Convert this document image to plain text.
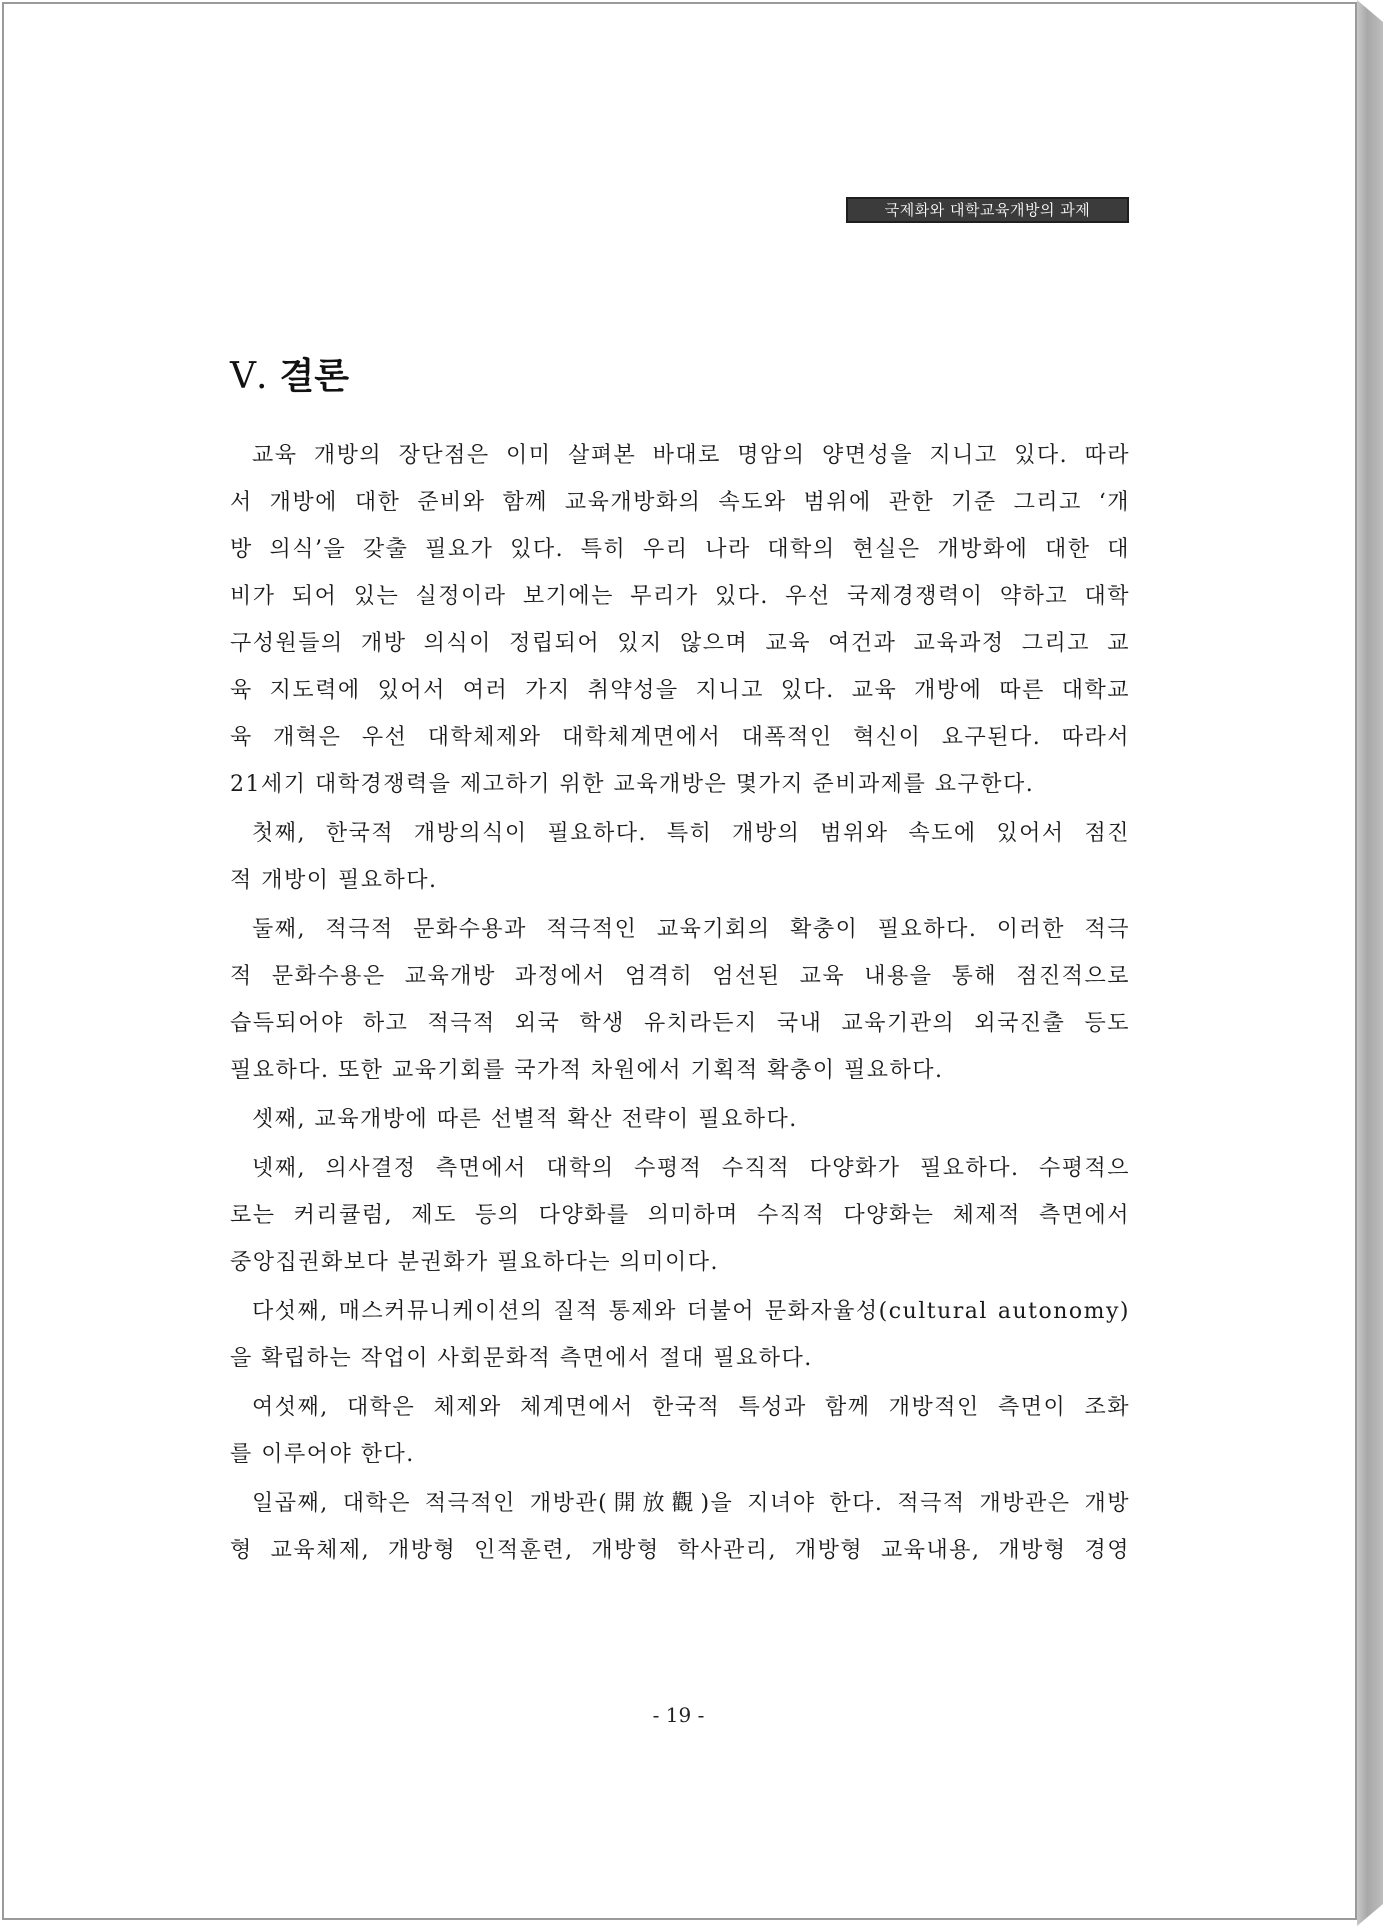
국제화와 대학교육개방의 과제
Ⅴ. 결론
교육 개방의 장단점은 이미 살펴본 바대로 명암의 양면성을 지니고 있다. 따라
서 개방에 대한 준비와 함께 교육개방화의 속도와 범위에 관한 기준 그리고 ‘개
방 의식’을 갖출 필요가 있다. 특히 우리 나라 대학의 현실은 개방화에 대한 대
비가 되어 있는 실정이라 보기에는 무리가 있다. 우선 국제경쟁력이 약하고 대학
구성원들의 개방 의식이 정립되어 있지 않으며 교육 여건과 교육과정 그리고 교
육 지도력에 있어서 여러 가지 취약성을 지니고 있다. 교육 개방에 따른 대학교
육 개혁은 우선 대학체제와 대학체계면에서 대폭적인 혁신이 요구된다. 따라서
21세기 대학경쟁력을 제고하기 위한 교육개방은 몇가지 준비과제를 요구한다.
첫째, 한국적 개방의식이 필요하다. 특히 개방의 범위와 속도에 있어서 점진
적 개방이 필요하다.
둘째, 적극적 문화수용과 적극적인 교육기회의 확충이 필요하다. 이러한 적극
적 문화수용은 교육개방 과정에서 엄격히 엄선된 교육 내용을 통해 점진적으로
습득되어야 하고 적극적 외국 학생 유치라든지 국내 교육기관의 외국진출 등도
필요하다. 또한 교육기회를 국가적 차원에서 기획적 확충이 필요하다.
셋째, 교육개방에 따른 선별적 확산 전략이 필요하다.
넷째, 의사결정 측면에서 대학의 수평적 수직적 다양화가 필요하다. 수평적으
로는 커리큘럼, 제도 등의 다양화를 의미하며 수직적 다양화는 체제적 측면에서
중앙집권화보다 분권화가 필요하다는 의미이다.
다섯째, 매스커뮤니케이션의 질적 통제와 더불어 문화자율성(cultural autonomy)
을 확립하는 작업이 사회문화적 측면에서 절대 필요하다.
여섯째, 대학은 체제와 체계면에서 한국적 특성과 함께 개방적인 측면이 조화
를 이루어야 한다.
일곱째, 대학은 적극적인 개방관(開放觀)을 지녀야 한다. 적극적 개방관은 개방
형 교육체제, 개방형 인적훈련, 개방형 학사관리, 개방형 교육내용, 개방형 경영
- 19 -
